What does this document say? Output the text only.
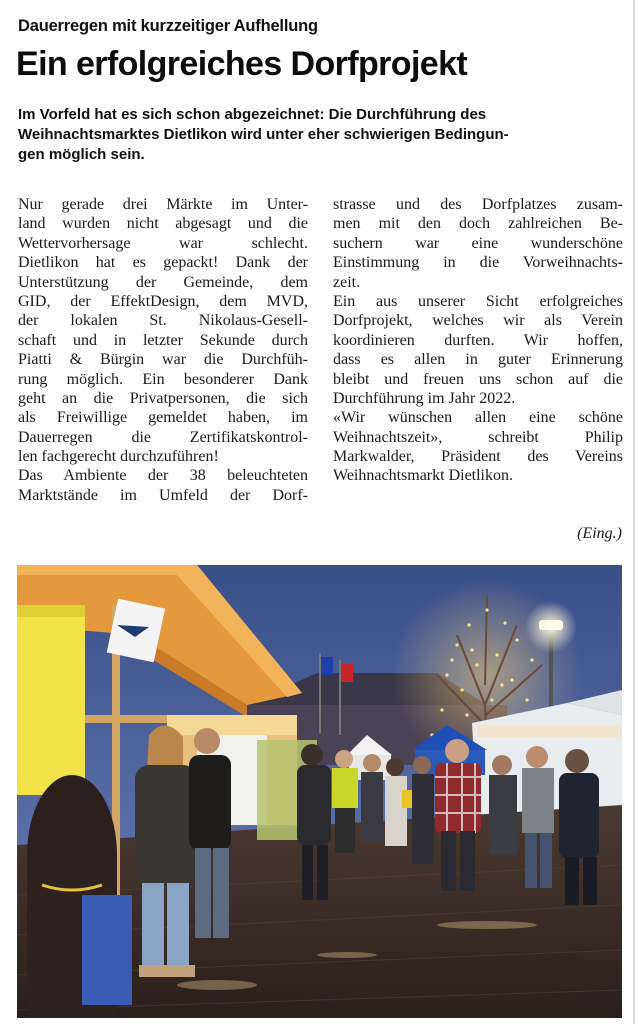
Dauerregen mit kurzzeitiger Aufhellung
Ein erfolgreiches Dorfprojekt
Im Vorfeld hat es sich schon abgezeichnet: Die Durchführung des
Weihnachtsmarktes Dietlikon wird unter eher schwierigen Bedingun-
gen möglich sein.
Nur gerade drei Märkte im Unter-
land wurden nicht abgesagt und die
Wettervorhersage war schlecht.
Dietlikon hat es gepackt! Dank der
Unterstützung der Gemeinde, dem
GID, der EffektDesign, dem MVD,
der lokalen St. Nikolaus-Gesell-
schaft und in letzter Sekunde durch
Piatti & Bürgin war die Durchfüh-
rung möglich. Ein besonderer Dank
geht an die Privatpersonen, die sich
als Freiwillige gemeldet haben, im
Dauerregen die Zertifikatskontrol-
len fachgerecht durchzuführen!
Das Ambiente der 38 beleuchteten
Marktstände im Umfeld der Dorf-
strasse und des Dorfplatzes zusam-
men mit den doch zahlreichen Be-
suchern war eine wunderschöne
Einstimmung in die Vorweihnachts-
zeit.
Ein aus unserer Sicht erfolgreiches
Dorfprojekt, welches wir als Verein
koordinieren durften. Wir hoffen,
dass es allen in guter Erinnerung
bleibt und freuen uns schon auf die
Durchführung im Jahr 2022.
«Wir wünschen allen eine schöne
Weihnachtszeit», schreibt Philip
Markwalder, Präsident des Vereins
Weihnachtsmarkt Dietlikon.
(Eing.)
